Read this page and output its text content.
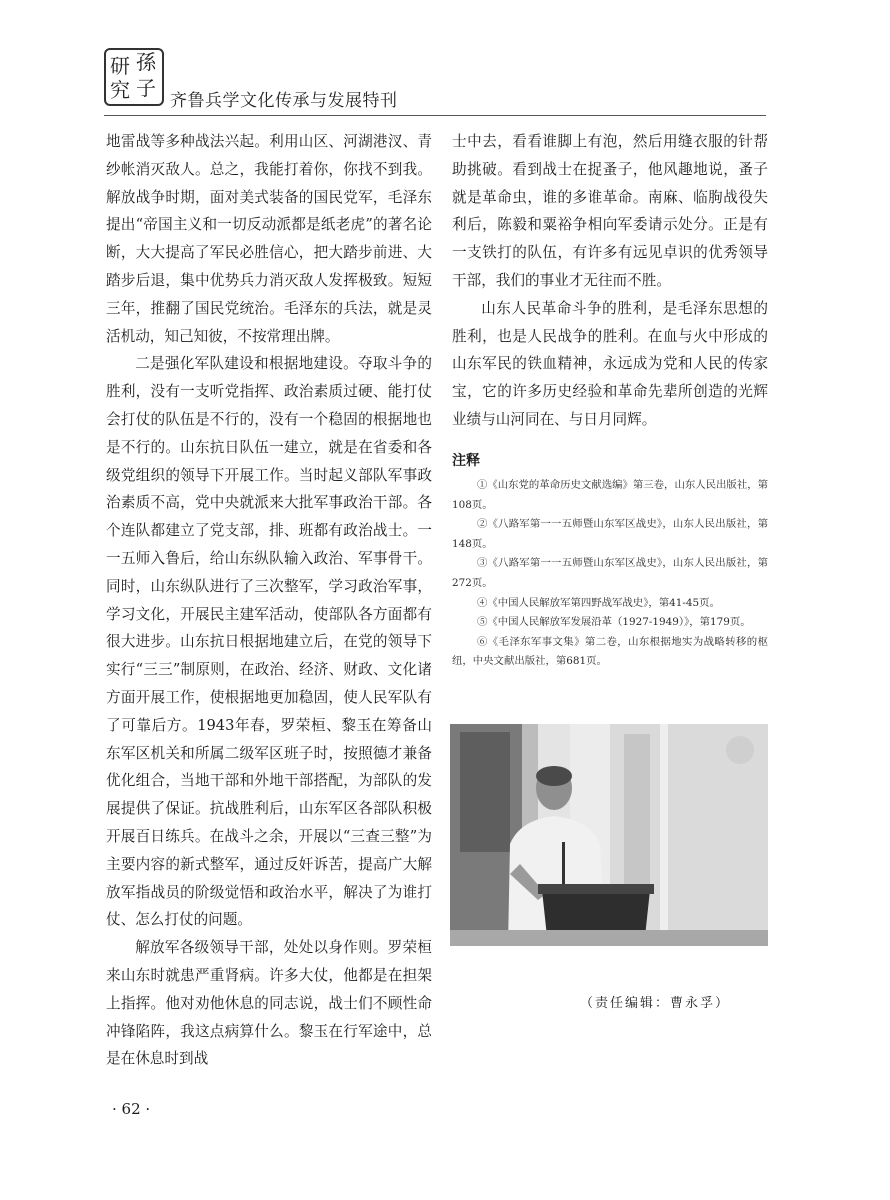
研 孫
究 子
齐鲁兵学文化传承与发展特刊

地雷战等多种战法兴起。利用山区、河湖港汊、青纱帐消灭敌人。总之，我能打着你，你找不到我。解放战争时期，面对美式装备的国民党军，毛泽东提出“帝国主义和一切反动派都是纸老虎”的著名论断，大大提高了军民必胜信心，把大踏步前进、大踏步后退，集中优势兵力消灭敌人发挥极致。短短三年，推翻了国民党统治。毛泽东的兵法，就是灵活机动，知己知彼，不按常理出牌。

二是强化军队建设和根据地建设。夺取斗争的胜利，没有一支听党指挥、政治素质过硬、能打仗会打仗的队伍是不行的，没有一个稳固的根据地也是不行的。山东抗日队伍一建立，就是在省委和各级党组织的领导下开展工作。当时起义部队军事政治素质不高，党中央就派来大批军事政治干部。各个连队都建立了党支部，排、班都有政治战士。一一五师入鲁后，给山东纵队输入政治、军事骨干。同时，山东纵队进行了三次整军，学习政治军事，学习文化，开展民主建军活动，使部队各方面都有很大进步。山东抗日根据地建立后，在党的领导下实行“三三”制原则，在政治、经济、财政、文化诸方面开展工作，使根据地更加稳固，使人民军队有了可靠后方。1943年春，罗荣桓、黎玉在筹备山东军区机关和所属二级军区班子时，按照德才兼备优化组合，当地干部和外地干部搭配，为部队的发展提供了保证。抗战胜利后，山东军区各部队积极开展百日练兵。在战斗之余，开展以“三查三整”为主要内容的新式整军，通过反奸诉苦，提高广大解放军指战员的阶级觉悟和政治水平，解决了为谁打仗、怎么打仗的问题。

解放军各级领导干部，处处以身作则。罗荣桓来山东时就患严重肾病。许多大仗，他都是在担架上指挥。他对劝他休息的同志说，战士们不顾性命冲锋陷阵，我这点病算什么。黎玉在行军途中，总是在休息时到战

士中去，看看谁脚上有泡，然后用缝衣服的针帮助挑破。看到战士在捉蚤子，他风趣地说，蚤子就是革命虫，谁的多谁革命。南麻、临朐战役失利后，陈毅和粟裕争相向军委请示处分。正是有一支铁打的队伍，有许多有远见卓识的优秀领导干部，我们的事业才无往而不胜。

山东人民革命斗争的胜利，是毛泽东思想的胜利，也是人民战争的胜利。在血与火中形成的山东军民的铁血精神，永远成为党和人民的传家宝，它的许多历史经验和革命先辈所创造的光辉业绩与山河同在、与日月同辉。

注释

①《山东党的革命历史文献选编》第三卷，山东人民出版社，第108页。

②《八路军第一一五师暨山东军区战史》，山东人民出版社，第148页。

③《八路军第一一五师暨山东军区战史》，山东人民出版社，第272页。

④《中国人民解放军第四野战军战史》，第41-45页。

⑤《中国人民解放军发展沿革（1927-1949）》，第179页。

⑥《毛泽东军事文集》第二卷，山东根据地实为战略转移的枢纽，中央文献出版社，第681页。

（责任编辑：曹永孚）
· 62 ·
